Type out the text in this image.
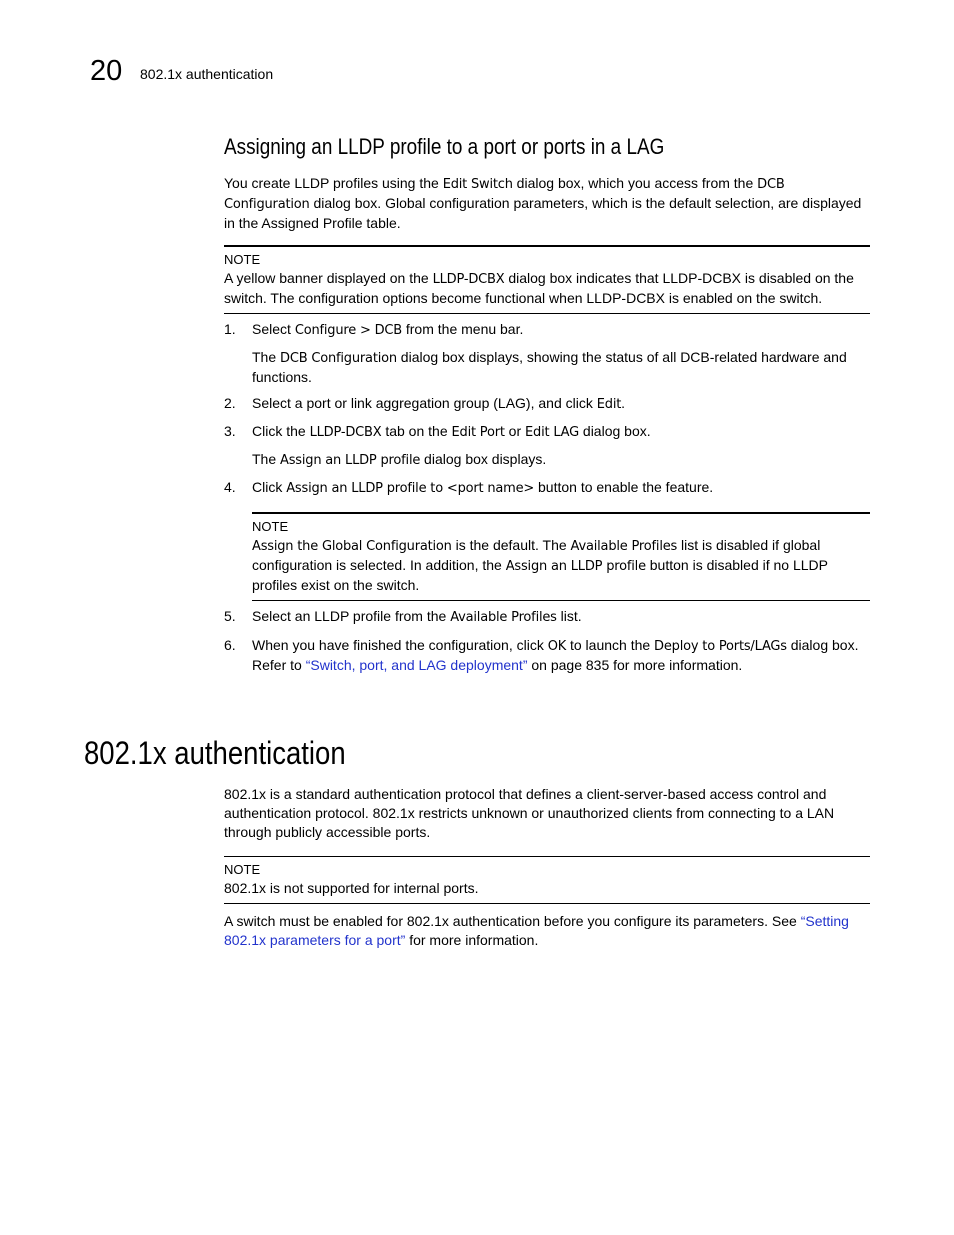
20 802.1x authentication
Assigning an LLDP profile to a port or ports in a LAG

You create LLDP profiles using the Edit Switch dialog box, which you access from the DCB Configuration dialog box. Global configuration parameters, which is the default selection, are displayed in the Assigned Profile table.

NOTE

A yellow banner displayed on the LLDP-DCBX dialog box indicates that LLDP-DCBX is disabled on the switch. The configuration options become functional when LLDP-DCBX is enabled on the switch.

1. Select Configure > DCB from the menu bar.

The DCB Configuration dialog box displays, showing the status of all DCB-related hardware and functions.

2. Select a port or link aggregation group (LAG), and click Edit.
3. Click the LLDP-DCBX tab on the Edit Port or Edit LAG dialog box.

The Assign an LLDP profile dialog box displays.

4. Click Assign an LLDP profile to <port name> button to enable the feature.
NOTE

Assign the Global Configuration is the default. The Available Profiles list is disabled if global configuration is selected. In addition, the Assign an LLDP profile button is disabled if no LLDP profiles exist on the switch.

5. Select an LLDP profile from the Available Profiles list.
6. When you have finished the configuration, click OK to launch the Deploy to Ports/LAGs dialog box. Refer to “Switch, port, and LAG deployment” on page 835 for more information.
802.1x authentication

802.1x is a standard authentication protocol that defines a client-server-based access control and authentication protocol. 802.1x restricts unknown or unauthorized clients from connecting to a LAN through publicly accessible ports.

NOTE

802.1x is not supported for internal ports.

A switch must be enabled for 802.1x authentication before you configure its parameters. See “Setting 802.1x parameters for a port” for more information.
